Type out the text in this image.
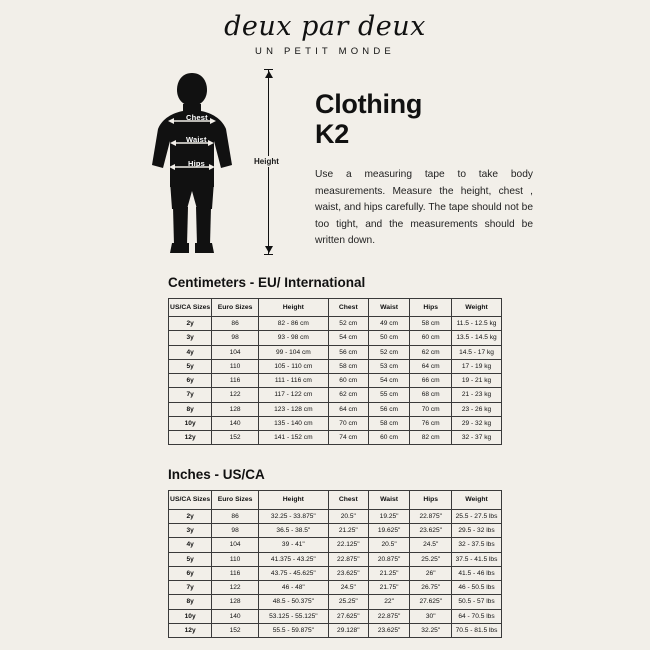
deux par deux
UN PETIT MONDE
Chest
Waist
Hips	Height
Clothing
K2
Use a measuring tape to take body measurements. Measure the height, chest , waist, and hips carefully. The tape should not be too tight, and the measurements should be written down.
Centimeters - EU/ International
US/CA Sizes	Euro Sizes	Height	Chest	Waist	Hips	Weight
2y	86	82 - 86 cm	52 cm	49 cm	58 cm	11.5 - 12.5 kg
3y	98	93 - 98 cm	54 cm	50 cm	60 cm	13.5 - 14.5 kg
4y	104	99 - 104 cm	56 cm	52 cm	62 cm	14.5 - 17 kg
5y	110	105 - 110 cm	58 cm	53 cm	64 cm	17 - 19 kg
6y	116	111 - 116 cm	60 cm	54 cm	66 cm	19 - 21 kg
7y	122	117 - 122 cm	62 cm	55 cm	68 cm	21 - 23 kg
8y	128	123 - 128 cm	64 cm	56 cm	70 cm	23 - 26 kg
10y	140	135 - 140 cm	70 cm	58 cm	76 cm	29 - 32 kg
12y	152	141 - 152 cm	74 cm	60 cm	82 cm	32 - 37 kg
Inches - US/CA
US/CA Sizes	Euro Sizes	Height	Chest	Waist	Hips	Weight
2y	86	32.25 - 33.875"	20.5"	19.25"	22.875"	25.5 - 27.5 lbs
3y	98	36.5 - 38.5"	21.25"	19.625"	23.625"	29.5 - 32 lbs
4y	104	39 - 41"	22.125"	20.5"	24.5"	32 - 37.5 lbs
5y	110	41.375 - 43.25"	22.875"	20.875"	25.25"	37.5 - 41.5 lbs
6y	116	43.75 - 45.625"	23.625"	21.25"	26"	41.5 - 46 lbs
7y	122	46 - 48"	24.5"	21.75"	26.75"	46 - 50.5 lbs
8y	128	48.5 - 50.375"	25.25"	22"	27.625"	50.5 - 57 lbs
10y	140	53.125 - 55.125"	27.625"	22.875"	30"	64 - 70.5 lbs
12y	152	55.5 - 59.875"	29.128"	23.625"	32.25"	70.5 - 81.5 lbs
